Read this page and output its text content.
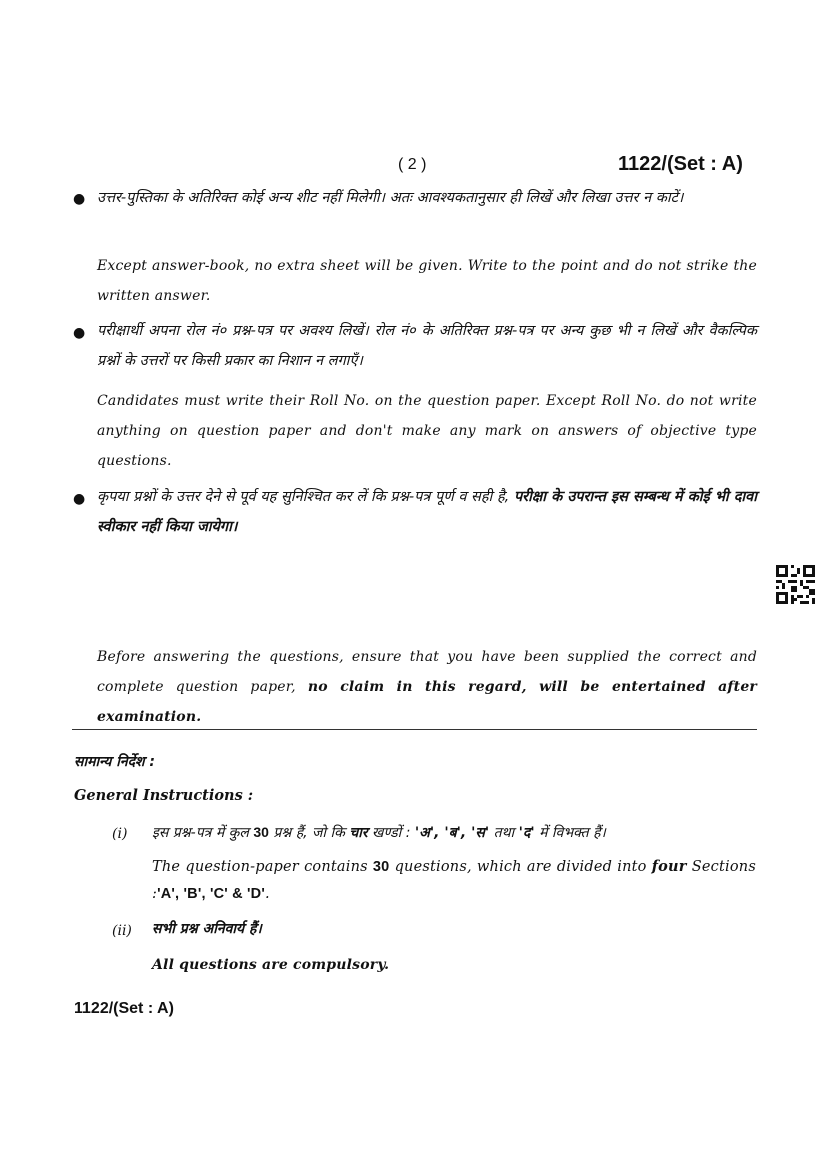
( 2 )	1122/(Set : A)
● उत्तर-पुस्तिका के अतिरिक्त कोई अन्य शीट नहीं मिलेगी। अतः आवश्यकतानुसार ही लिखें और लिखा उत्तर न काटें।
Except answer-book, no extra sheet will be given. Write to the point and do not strike the written answer.
● परीक्षार्थी अपना रोल नं० प्रश्न-पत्र पर अवश्य लिखें। रोल नं० के अतिरिक्त प्रश्न-पत्र पर अन्य कुछ भी न लिखें और वैकल्पिक प्रश्नों के उत्तरों पर किसी प्रकार का निशान न लगाएँ।
Candidates must write their Roll No. on the question paper. Except Roll No. do not write anything on question paper and don't make any mark on answers of objective type questions.
● कृपया प्रश्नों के उत्तर देने से पूर्व यह सुनिश्चित कर लें कि प्रश्न-पत्र पूर्ण व सही है, परीक्षा के उपरान्त इस सम्बन्ध में कोई भी दावा स्वीकार नहीं किया जायेगा।
Before answering the questions, ensure that you have been supplied the correct and complete question paper, no claim in this regard, will be entertained after examination.
सामान्य निर्देश :
General Instructions :
(i) इस प्रश्न-पत्र में कुल 30 प्रश्न हैं, जो कि चार खण्डों : 'अ', 'ब', 'स' तथा 'द' में विभक्त हैं।
The question-paper contains 30 questions, which are divided into four Sections :'A', 'B', 'C' & 'D'.
(ii) सभी प्रश्न अनिवार्य हैं।
All questions are compulsory.
1122/(Set : A)
